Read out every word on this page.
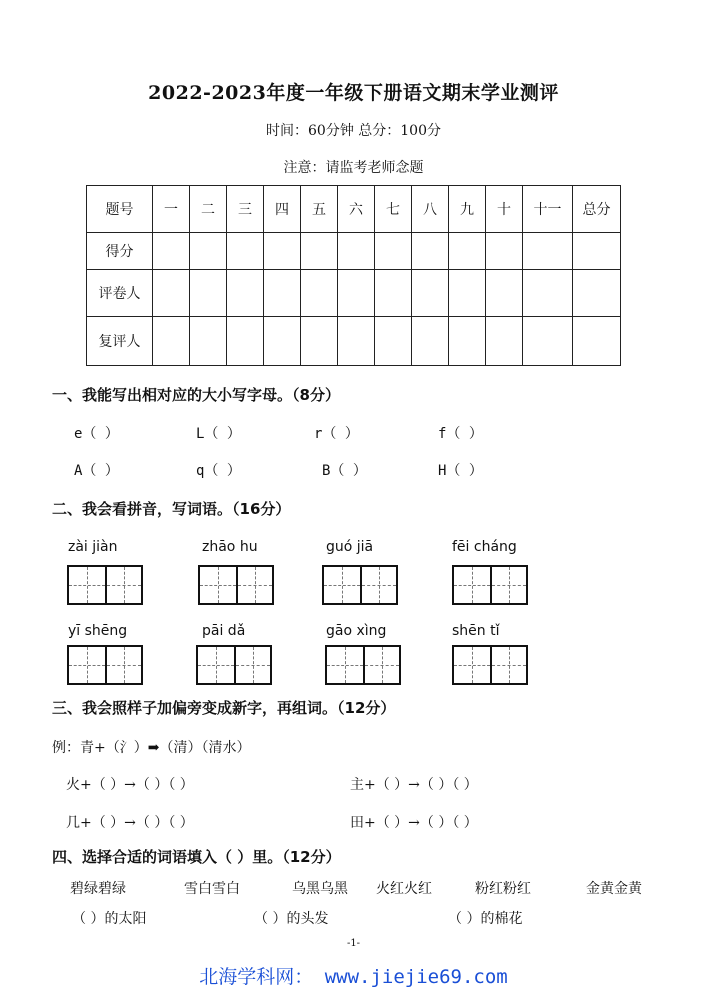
2022-2023年度一年级下册语文期末学业测评
时间：60分钟 总分：100分
注意：请监考老师念题
题号	一	二	三	四	五	六	七	八	九	十	十一	总分
得分												
评卷人												
复评人												
一、我能写出相对应的大小写字母。（8分）
e（ ）	L（ ）	r（ ）	f（ ）
A（ ）	q（ ）	B（ ）	H（ ）
二、我会看拼音，写词语。（16分）
zài jiàn	zhāo hu	guó jiā	fēi cháng
yī shēng	pāi dǎ	gāo xìng	shēn tǐ
三、我会照样子加偏旁变成新字，再组词。（12分）
例：青+（氵）➡（清）（清水）
火+（ ）→（ ）（ ）	主+（ ）→（ ）（ ）
几+（ ）→（ ）（ ）	田+（ ）→（ ）（ ）
四、选择合适的词语填入（ ）里。（12分）
碧绿碧绿	雪白雪白	乌黑乌黑 火红火红	粉红粉红	金黄金黄
（ ）的太阳	（ ）的头发	（ ）的棉花
-1-
北海学科网： www.jiejie69.com
